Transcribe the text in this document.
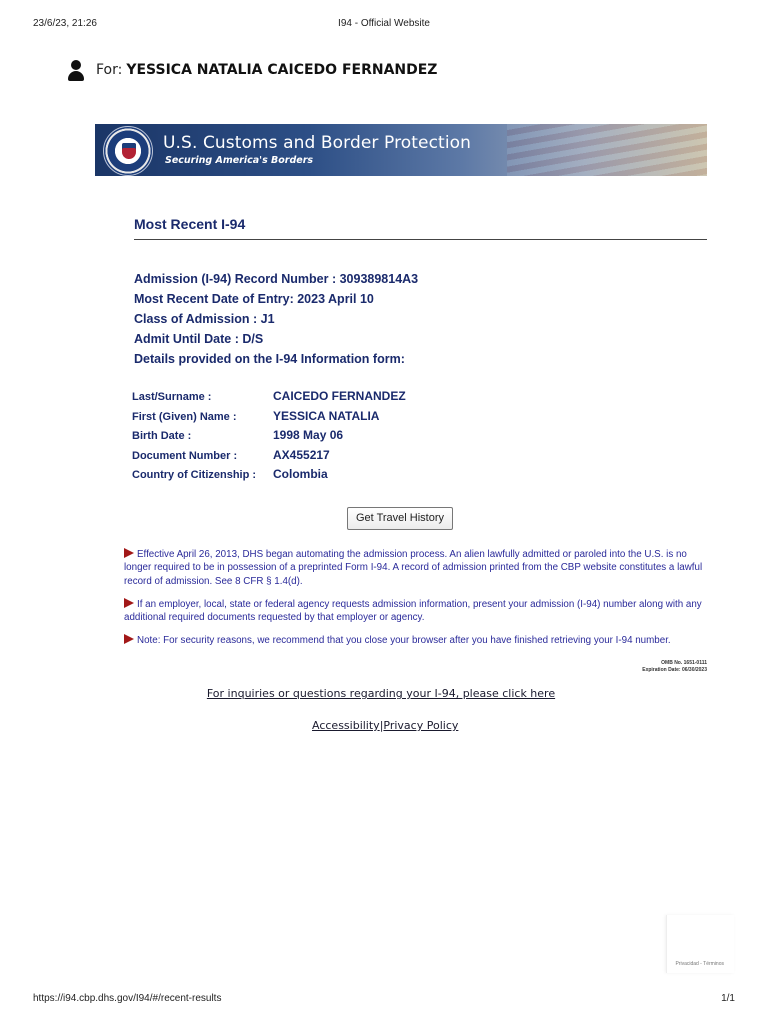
23/6/23, 21:26	I94 - Official Website
For: YESSICA NATALIA CAICEDO FERNANDEZ
U.S. Customs and Border Protection
Securing America's Borders
Most Recent I-94
Admission (I-94) Record Number : 309389814A3
Most Recent Date of Entry: 2023 April 10
Class of Admission : J1
Admit Until Date : D/S
Details provided on the I-94 Information form:
Last/Surname :	CAICEDO FERNANDEZ
First (Given) Name :	YESSICA NATALIA
Birth Date :	1998 May 06
Document Number :	AX455217
Country of Citizenship : Colombia
Get Travel History
Effective April 26, 2013, DHS began automating the admission process. An alien lawfully admitted or paroled into the U.S. is no longer required to be in possession of a preprinted Form I-94. A record of admission printed from the CBP website constitutes a lawful record of admission. See 8 CFR § 1.4(d).
If an employer, local, state or federal agency requests admission information, present your admission (I-94) number along with any additional required documents requested by that employer or agency.
Note: For security reasons, we recommend that you close your browser after you have finished retrieving your I-94 number.
OMB No. 1651-0111
Expiration Date: 06/30/2023
For inquiries or questions regarding your I-94, please click here
Accessibility|Privacy Policy
Privacidad - Términos
https://i94.cbp.dhs.gov/I94/#/recent-results	1/1
